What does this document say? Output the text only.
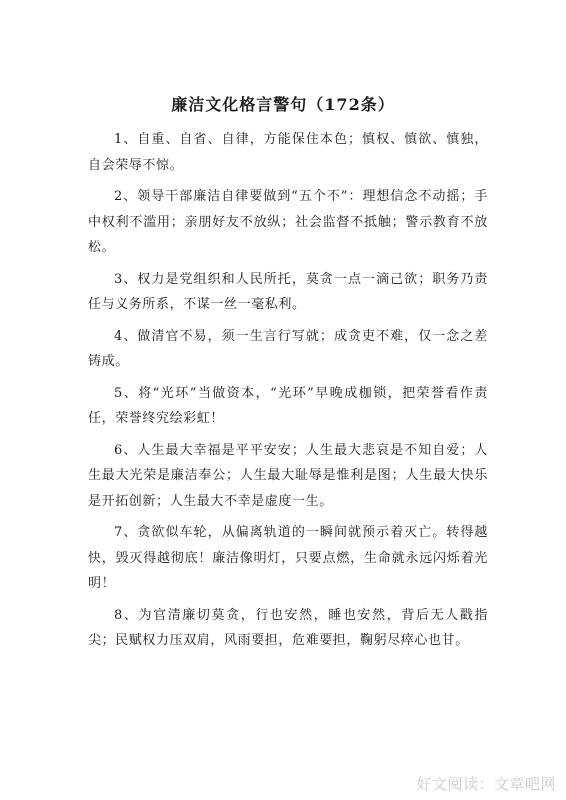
廉洁文化格言警句（172条）

1、自重、自省、自律，方能保住本色；慎权、慎欲、慎独，自会荣辱不惊。

2、领导干部廉洁自律要做到“五个不”：理想信念不动摇；手中权利不滥用；亲朋好友不放纵；社会监督不抵触；警示教育不放松。

3、权力是党组织和人民所托，莫贪一点一滴己欲；职务乃责任与义务所系，不谋一丝一毫私利。

4、做清官不易，须一生言行写就；成贪吏不难，仅一念之差铸成。

5、将“光环”当做资本，“光环”早晚成枷锁，把荣誉看作责任，荣誉终究绘彩虹！

6、人生最大幸福是平平安安；人生最大悲哀是不知自爱；人生最大光荣是廉洁奉公；人生最大耻辱是惟利是图；人生最大快乐是开拓创新；人生最大不幸是虚度一生。

7、贪欲似车轮，从偏离轨道的一瞬间就预示着灭亡。转得越快，毁灭得越彻底！廉洁像明灯，只要点燃，生命就永远闪烁着光明！

8、为官清廉切莫贪，行也安然，睡也安然，背后无人戳指尖；民赋权力压双肩，风雨要担，危难要担，鞠躬尽瘁心也甘。

好文阅读：文章吧网
